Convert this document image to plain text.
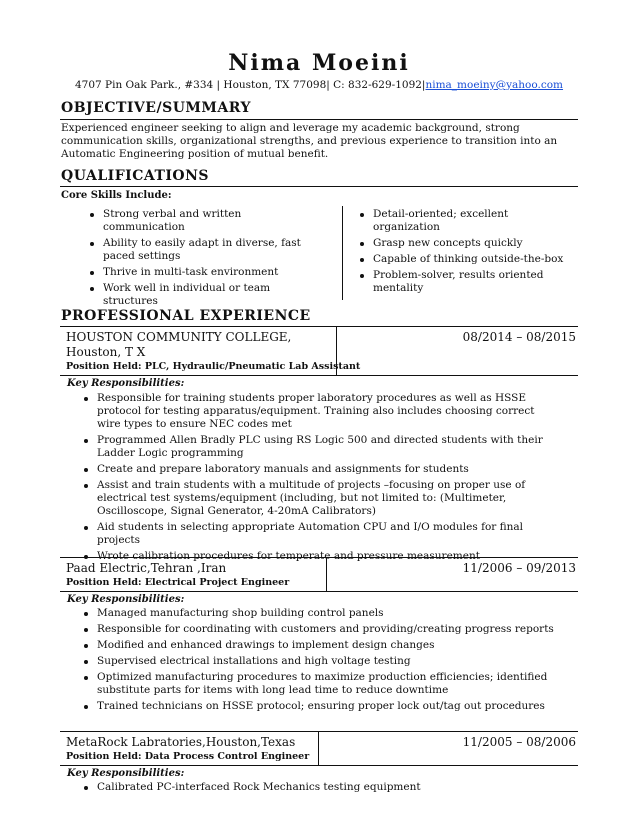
Nima Moeini
4707 Pin Oak Park., #334 | Houston, TX 77098| C: 832-629-1092|nima_moeiny@yahoo.com
OBJECTIVE/SUMMARY
Experienced engineer seeking to align and leverage my academic background, strong communication skills, organizational strengths, and previous experience to transition into an Automatic Engineering position of mutual benefit.
QUALIFICATIONS
Core Skills Include:
Strong verbal and written communication
Ability to easily adapt in diverse, fast paced settings
Thrive in multi-task environment
Work well in individual or team structures
Detail-oriented; excellent organization
Grasp new concepts quickly
Capable of thinking outside-the-box
Problem-solver, results oriented mentality
PROFESSIONAL EXPERIENCE
HOUSTON COMMUNITY COLLEGE, Houston, T X
08/2014 – 08/2015
Position Held: PLC, Hydraulic/Pneumatic Lab Assistant
Key Responsibilities:
Responsible for training students proper laboratory procedures as well as HSSE protocol for testing apparatus/equipment. Training also includes choosing correct wire types to ensure NEC codes met
Programmed Allen Bradly PLC using RS Logic 500 and directed students with their Ladder Logic programming
Create and prepare laboratory manuals and assignments for students
Assist and train students with a multitude of projects –focusing on proper use of electrical test systems/equipment (including, but not limited to: (Multimeter, Oscilloscope, Signal Generator, 4-20mA Calibrators)
Aid students in selecting appropriate Automation CPU and I/O modules for final projects
Wrote calibration procedures for temperate and pressure measurement
Paad Electric,Tehran ,Iran	11/2006 – 09/2013
Position Held: Electrical Project Engineer
Key Responsibilities:
Managed manufacturing shop building control panels
Responsible for coordinating with customers and providing/creating progress reports
Modified and enhanced drawings to implement design changes
Supervised electrical installations and high voltage testing
Optimized manufacturing procedures to maximize production efficiencies; identified substitute parts for items with long lead time to reduce downtime
Trained technicians on HSSE protocol; ensuring proper lock out/tag out procedures
MetaRock Labratories,Houston,Texas	11/2005 – 08/2006
Position Held: Data Process Control Engineer
Key Responsibilities:
Calibrated PC-interfaced Rock Mechanics testing equipment
